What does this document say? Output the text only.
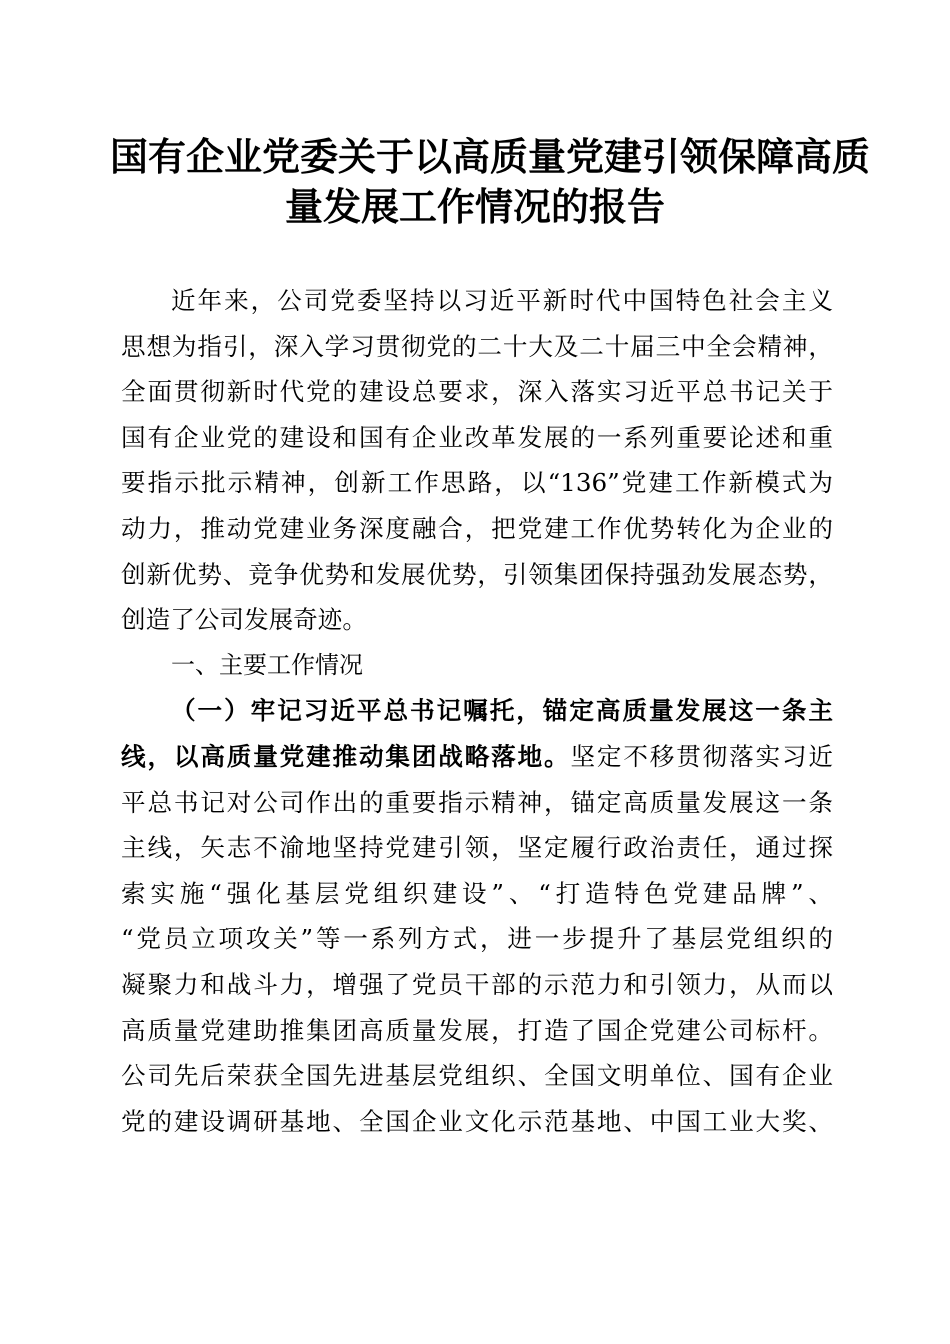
国有企业党委关于以高质量党建引领保障高质
量发展工作情况的报告
近年来，公司党委坚持以习近平新时代中国特色社会主义
思想为指引，深入学习贯彻党的二十大及二十届三中全会精神，
全面贯彻新时代党的建设总要求，深入落实习近平总书记关于
国有企业党的建设和国有企业改革发展的一系列重要论述和重
要指示批示精神，创新工作思路，以“136”党建工作新模式为
动力，推动党建业务深度融合，把党建工作优势转化为企业的
创新优势、竞争优势和发展优势，引领集团保持强劲发展态势，
创造了公司发展奇迹。
一、主要工作情况
（一）牢记习近平总书记嘱托，锚定高质量发展这一条主
线，以高质量党建推动集团战略落地。坚定不移贯彻落实习近
平总书记对公司作出的重要指示精神，锚定高质量发展这一条
主线，矢志不渝地坚持党建引领，坚定履行政治责任，通过探
索实施“强化基层党组织建设”、“打造特色党建品牌”、
“党员立项攻关”等一系列方式，进一步提升了基层党组织的
凝聚力和战斗力，增强了党员干部的示范力和引领力，从而以
高质量党建助推集团高质量发展，打造了国企党建公司标杆。
公司先后荣获全国先进基层党组织、全国文明单位、国有企业
党的建设调研基地、全国企业文化示范基地、中国工业大奖、
